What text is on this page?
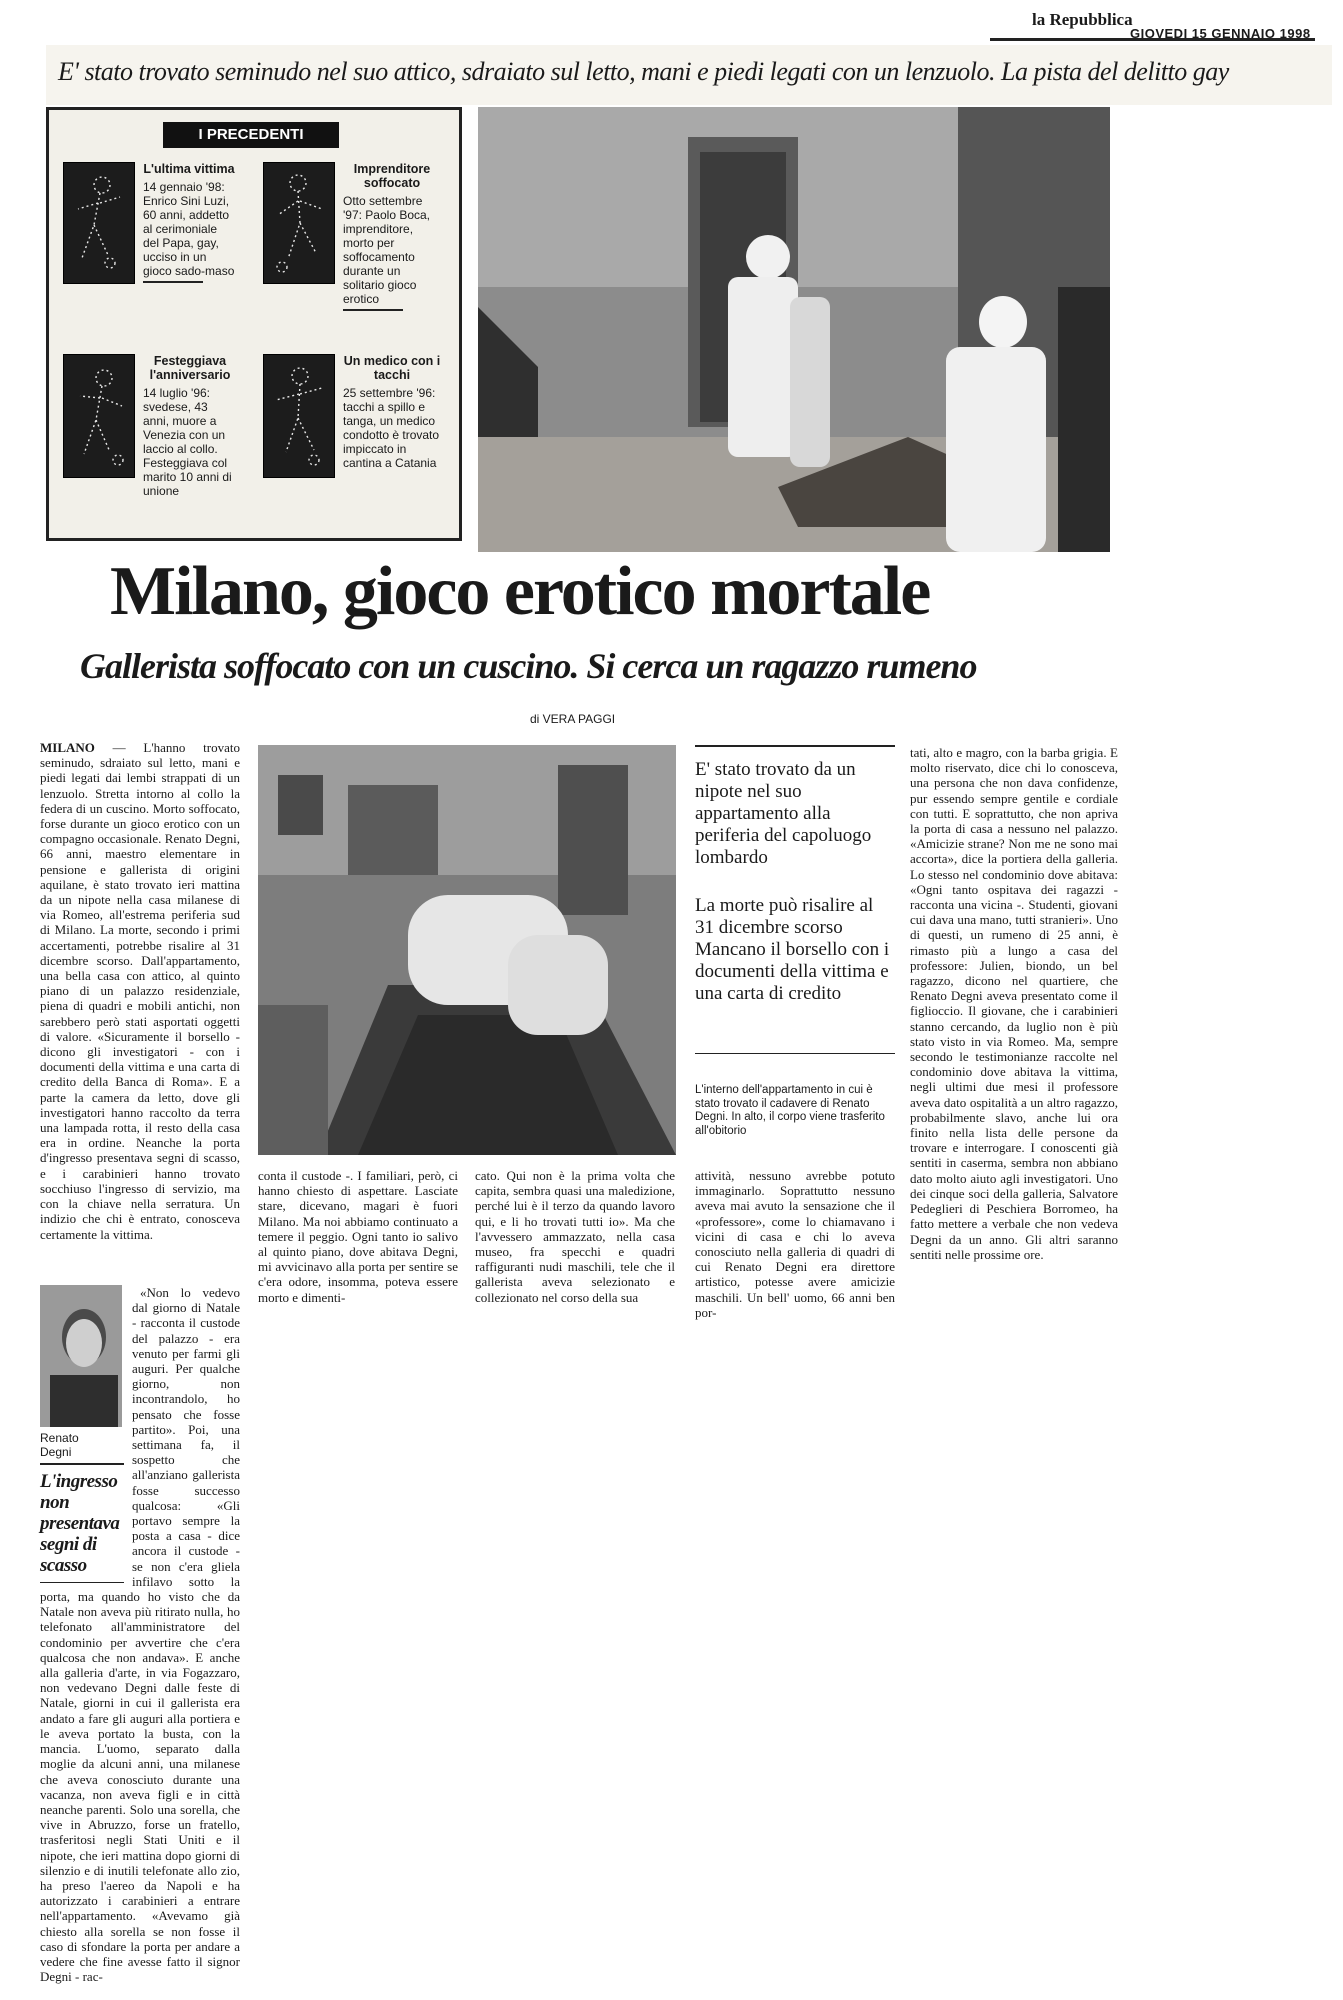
la Repubblica
GIOVEDI 15 GENNAIO 1998
E' stato trovato seminudo nel suo attico, sdraiato sul letto, mani e piedi legati con un lenzuolo. La pista del delitto gay
I PRECEDENTI
L'ultima vittima
14 gennaio '98: Enrico Sini Luzi, 60 anni, addetto al cerimoniale del Papa, gay, ucciso in un gioco sado-maso
Imprenditore soffocato
Otto settembre '97: Paolo Boca, imprenditore, morto per soffocamento durante un solitario gioco erotico
Festeggiava l'anniversario
14 luglio '96: svedese, 43 anni, muore a Venezia con un laccio al collo. Festeggiava col marito 10 anni di unione
Un medico con i tacchi
25 settembre '96: tacchi a spillo e tanga, un medico condotto è trovato impiccato in cantina a Catania
Milano, gioco erotico mortale
Gallerista soffocato con un cuscino. Si cerca un ragazzo rumeno
di VERA PAGGI

MILANO — L'hanno trovato seminudo, sdraiato sul letto, mani e piedi legati dai lembi strappati di un lenzuolo. Stretta intorno al collo la federa di un cuscino. Morto soffocato, forse durante un gioco erotico con un compagno occasionale. Renato Degni, 66 anni, maestro elementare in pensione e gallerista di origini aquilane, è stato trovato ieri mattina da un nipote nella casa milanese di via Romeo, all'estrema periferia sud di Milano. La morte, secondo i primi accertamenti, potrebbe risalire al 31 dicembre scorso. Dall'appartamento, una bella casa con attico, al quinto piano di un palazzo residenziale, piena di quadri e mobili antichi, non sarebbero però stati asportati oggetti di valore. «Sicuramente il borsello - dicono gli investigatori - con i documenti della vittima e una carta di credito della Banca di Roma». E a parte la camera da letto, dove gli investigatori hanno raccolto da terra una lampada rotta, il resto della casa era in ordine. Neanche la porta d'ingresso presentava segni di scasso, e i carabinieri hanno trovato socchiuso l'ingresso di servizio, ma con la chiave nella serratura. Un indizio che chi è entrato, conosceva certamente la vittima.

Renato Degni
L'ingresso non presentava segni di scasso

«Non lo vedevo dal giorno di Natale - racconta il custode del palazzo - era venuto per farmi gli auguri. Per qualche giorno, non incontrandolo, ho pensato che fosse partito». Poi, una settimana fa, il sospetto che all'anziano gallerista fosse successo qualcosa: «Gli portavo sempre la posta a casa - dice ancora il custode - se non c'era gliela infilavo sotto la porta, ma quando ho visto che da Natale non aveva più ritirato nulla, ho telefonato all'amministratore del condominio per avvertire che c'era qualcosa che non andava». E anche alla galleria d'arte, in via Fogazzaro, non vedevano Degni dalle feste di Natale, giorni in cui il gallerista era andato a fare gli auguri alla portiera e le aveva portato la busta, con la mancia. L'uomo, separato dalla moglie da alcuni anni, una milanese che aveva conosciuto durante una vacanza, non aveva figli e in città neanche parenti. Solo una sorella, che vive in Abruzzo, forse un fratello, trasferitosi negli Stati Uniti e il nipote, che ieri mattina dopo giorni di silenzio e di inutili telefonate allo zio, ha preso l'aereo da Napoli e ha autorizzato i carabinieri a entrare nell'appartamento. «Avevamo già chiesto alla sorella se non fosse il caso di sfondare la porta per andare a vedere che fine avesse fatto il signor Degni - rac-

conta il custode -. I familiari, però, ci hanno chiesto di aspettare. Lasciate stare, dicevano, magari è fuori Milano. Ma noi abbiamo continuato a temere il peggio. Ogni tanto io salivo al quinto piano, dove abitava Degni, mi avvicinavo alla porta per sentire se c'era odore, insomma, poteva essere morto e dimenti-
cato. Qui non è la prima volta che capita, sembra quasi una maledizione, perché lui è il terzo da quando lavoro qui, e li ho trovati tutti io». Ma che l'avvessero ammazzato, nella casa museo, fra specchi e quadri raffiguranti nudi maschili, tele che il gallerista aveva selezionato e collezionato nel corso della sua
E' stato trovato da un nipote nel suo appartamento alla periferia del capoluogo lombardo
La morte può risalire al 31 dicembre scorso Mancano il borsello con i documenti della vittima e una carta di credito
L'interno dell'appartamento in cui è stato trovato il cadavere di Renato Degni. In alto, il corpo viene trasferito all'obitorio
attività, nessuno avrebbe potuto immaginarlo. Soprattutto nessuno aveva mai avuto la sensazione che il «professore», come lo chiamavano i vicini di casa e chi lo aveva conosciuto nella galleria di quadri di cui Renato Degni era direttore artistico, potesse avere amicizie maschili. Un bell' uomo, 66 anni ben por-

tati, alto e magro, con la barba grigia. E molto riservato, dice chi lo conosceva, una persona che non dava confidenze, pur essendo sempre gentile e cordiale con tutti. E soprattutto, che non apriva la porta di casa a nessuno nel palazzo. «Amicizie strane? Non me ne sono mai accorta», dice la portiera della galleria. Lo stesso nel condominio dove abitava: «Ogni tanto ospitava dei ragazzi - racconta una vicina -. Studenti, giovani cui dava una mano, tutti stranieri». Uno di questi, un rumeno di 25 anni, è rimasto più a lungo a casa del professore: Julien, biondo, un bel ragazzo, dicono nel quartiere, che Renato Degni aveva presentato come il figlioccio. Il giovane, che i carabinieri stanno cercando, da luglio non è più stato visto in via Romeo. Ma, sempre secondo le testimonianze raccolte nel condominio dove abitava la vittima, negli ultimi due mesi il professore aveva dato ospitalità a un altro ragazzo, probabilmente slavo, anche lui ora finito nella lista delle persone da trovare e interrogare. I conoscenti già sentiti in caserma, sembra non abbiano dato molto aiuto agli investigatori. Uno dei cinque soci della galleria, Salvatore Pedeglieri di Peschiera Borromeo, ha fatto mettere a verbale che non vedeva Degni da un anno. Gli altri saranno sentiti nelle prossime ore.
